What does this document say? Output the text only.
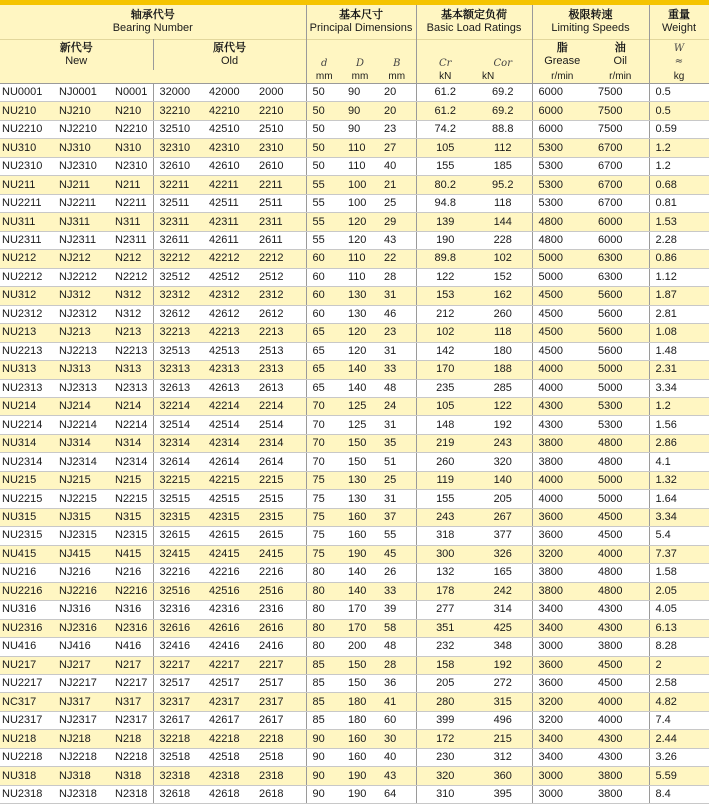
轴承代号
Bearing Number						基本尺寸
Principal Dimensions			基本额定负荷
Basic Load Ratings		极限转速
Limiting Speeds		重量
Weight

新代号
New			原代号
Old			d	D	B	Cr	Cor	脂
Grease	油
Oil	W
≈

						mm	mm	mm	kN	kN	r/min	r/min	kg
NU0001	NJ0001	N0001	32000	42000	2000	50	90	20	61.2	69.2	6000	7500	0.5
NU210	NJ210	N210	32210	42210	2210	50	90	20	61.2	69.2	6000	7500	0.5
NU2210	NJ2210	N2210	32510	42510	2510	50	90	23	74.2	88.8	6000	7500	0.59
NU310	NJ310	N310	32310	42310	2310	50	110	27	105	112	5300	6700	1.2
NU2310	NJ2310	N2310	32610	42610	2610	50	110	40	155	185	5300	6700	1.2
NU211	NJ211	N211	32211	42211	2211	55	100	21	80.2	95.2	5300	6700	0.68
NU2211	NJ2211	N2211	32511	42511	2511	55	100	25	94.8	118	5300	6700	0.81
NU311	NJ311	N311	32311	42311	2311	55	120	29	139	144	4800	6000	1.53
NU2311	NJ2311	N2311	32611	42611	2611	55	120	43	190	228	4800	6000	2.28
NU212	NJ212	N212	32212	42212	2212	60	110	22	89.8	102	5000	6300	0.86
NU2212	NJ2212	N2212	32512	42512	2512	60	110	28	122	152	5000	6300	1.12
NU312	NJ312	N312	32312	42312	2312	60	130	31	153	162	4500	5600	1.87
NU2312	NJ2312	N312	32612	42612	2612	60	130	46	212	260	4500	5600	2.81
NU213	NJ213	N213	32213	42213	2213	65	120	23	102	118	4500	5600	1.08
NU2213	NJ2213	N2213	32513	42513	2513	65	120	31	142	180	4500	5600	1.48
NU313	NJ313	N313	32313	42313	2313	65	140	33	170	188	4000	5000	2.31
NU2313	NJ2313	N2313	32613	42613	2613	65	140	48	235	285	4000	5000	3.34
NU214	NJ214	N214	32214	42214	2214	70	125	24	105	122	4300	5300	1.2
NU2214	NJ2214	N2214	32514	42514	2514	70	125	31	148	192	4300	5300	1.56
NU314	NJ314	N314	32314	42314	2314	70	150	35	219	243	3800	4800	2.86
NU2314	NJ2314	N2314	32614	42614	2614	70	150	51	260	320	3800	4800	4.1
NU215	NJ215	N215	32215	42215	2215	75	130	25	119	140	4000	5000	1.32
NU2215	NJ2215	N2215	32515	42515	2515	75	130	31	155	205	4000	5000	1.64
NU315	NJ315	N315	32315	42315	2315	75	160	37	243	267	3600	4500	3.34
NU2315	NJ2315	N2315	32615	42615	2615	75	160	55	318	377	3600	4500	5.4
NU415	NJ415	N415	32415	42415	2415	75	190	45	300	326	3200	4000	7.37
NU216	NJ216	N216	32216	42216	2216	80	140	26	132	165	3800	4800	1.58
NU2216	NJ2216	N2216	32516	42516	2516	80	140	33	178	242	3800	4800	2.05
NU316	NJ316	N316	32316	42316	2316	80	170	39	277	314	3400	4300	4.05
NU2316	NJ2316	N2316	32616	42616	2616	80	170	58	351	425	3400	4300	6.13
NU416	NJ416	N416	32416	42416	2416	80	200	48	232	348	3000	3800	8.28
NU217	NJ217	N217	32217	42217	2217	85	150	28	158	192	3600	4500	2
NU2217	NJ2217	N2217	32517	42517	2517	85	150	36	205	272	3600	4500	2.58
NC317	NJ317	N317	32317	42317	2317	85	180	41	280	315	3200	4000	4.82
NU2317	NJ2317	N2317	32617	42617	2617	85	180	60	399	496	3200	4000	7.4
NU218	NJ218	N218	32218	42218	2218	90	160	30	172	215	3400	4300	2.44
NU2218	NJ2218	N2218	32518	42518	2518	90	160	40	230	312	3400	4300	3.26
NU318	NJ318	N318	32318	42318	2318	90	190	43	320	360	3000	3800	5.59
NU2318	NJ2318	N2318	32618	42618	2618	90	190	64	310	395	3000	3800	8.4
